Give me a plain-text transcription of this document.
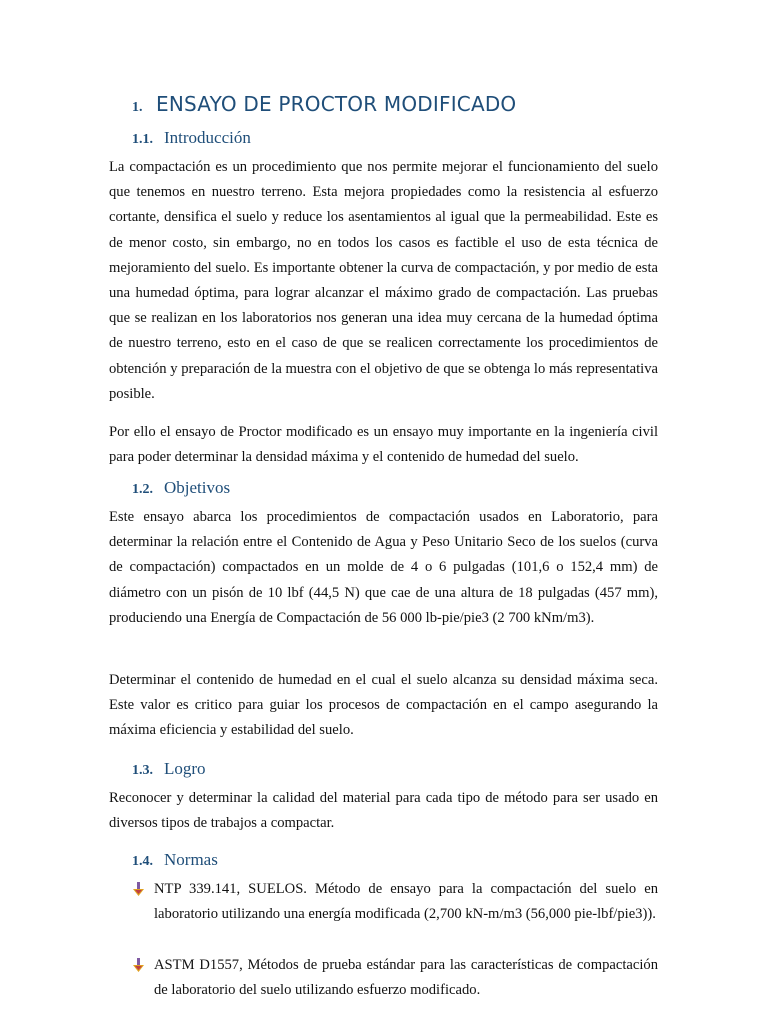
1. ENSAYO DE PROCTOR MODIFICADO
1.1. Introducción

La compactación es un procedimiento que nos permite mejorar el funcionamiento del suelo que tenemos en nuestro terreno. Esta mejora propiedades como la resistencia al esfuerzo cortante, densifica el suelo y reduce los asentamientos al igual que la permeabilidad. Este es de menor costo, sin embargo, no en todos los casos es factible el uso de esta técnica de mejoramiento del suelo. Es importante obtener la curva de compactación, y por medio de esta una humedad óptima, para lograr alcanzar el máximo grado de compactación. Las pruebas que se realizan en los laboratorios nos generan una idea muy cercana de la humedad óptima de nuestro terreno, esto en el caso de que se realicen correctamente los procedimientos de obtención y preparación de la muestra con el objetivo de que se obtenga lo más representativa posible.

Por ello el ensayo de Proctor modificado es un ensayo muy importante en la ingeniería civil para poder determinar la densidad máxima y el contenido de humedad del suelo.

1.2. Objetivos

Este ensayo abarca los procedimientos de compactación usados en Laboratorio, para determinar la relación entre el Contenido de Agua y Peso Unitario Seco de los suelos (curva de compactación) compactados en un molde de 4 o 6 pulgadas (101,6 o 152,4 mm) de diámetro con un pisón de 10 lbf (44,5 N) que cae de una altura de 18 pulgadas (457 mm), produciendo una Energía de Compactación de 56 000 lb-pie/pie3 (2 700 kNm/m3).

Determinar el contenido de humedad en el cual el suelo alcanza su densidad máxima seca. Este valor es critico para guiar los procesos de compactación en el campo asegurando la máxima eficiencia y estabilidad del suelo.

1.3. Logro

Reconocer y determinar la calidad del material para cada tipo de método para ser usado en diversos tipos de trabajos a compactar.

1.4. Normas

NTP 339.141, SUELOS. Método de ensayo para la compactación del suelo en laboratorio utilizando una energía modificada (2,700 kN-m/m3 (56,000 pie-lbf/pie3)).

ASTM D1557, Métodos de prueba estándar para las características de compactación de laboratorio del suelo utilizando esfuerzo modificado.
